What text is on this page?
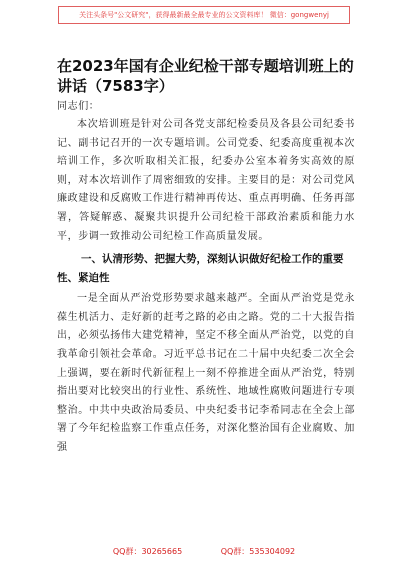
关注头条号"公文研究"，获得最新最全最专业的公文资料库！ 微信：gongwenyj
在2023年国有企业纪检干部专题培训班上的讲话（7583字）
同志们：

本次培训班是针对公司各党支部纪检委员及各县公司纪委书记、副书记召开的一次专题培训。公司党委、纪委高度重视本次培训工作，多次听取相关汇报，纪委办公室本着务实高效的原则，对本次培训作了周密细致的安排。主要目的是：对公司党风廉政建设和反腐败工作进行精神再传达、重点再明确、任务再部署，答疑解惑、凝聚共识提升公司纪检干部政治素质和能力水平，步调一致推动公司纪检工作高质量发展。

一、认清形势、把握大势，深刻认识做好纪检工作的重要性、紧迫性

一是全面从严治党形势要求越来越严。全面从严治党是党永葆生机活力、走好新的赶考之路的必由之路。党的二十大报告指出，必须弘扬伟大建党精神，坚定不移全面从严治党，以党的自我革命引领社会革命。习近平总书记在二十届中央纪委二次全会上强调，要在新时代新征程上一刻不停推进全面从严治党，特别指出要对比较突出的行业性、系统性、地域性腐败问题进行专项整治。中共中央政治局委员、中央纪委书记李希同志在全会上部署了今年纪检监察工作重点任务，对深化整治国有企业腐败、加强

QQ群：30265665	QQ群：535304092
